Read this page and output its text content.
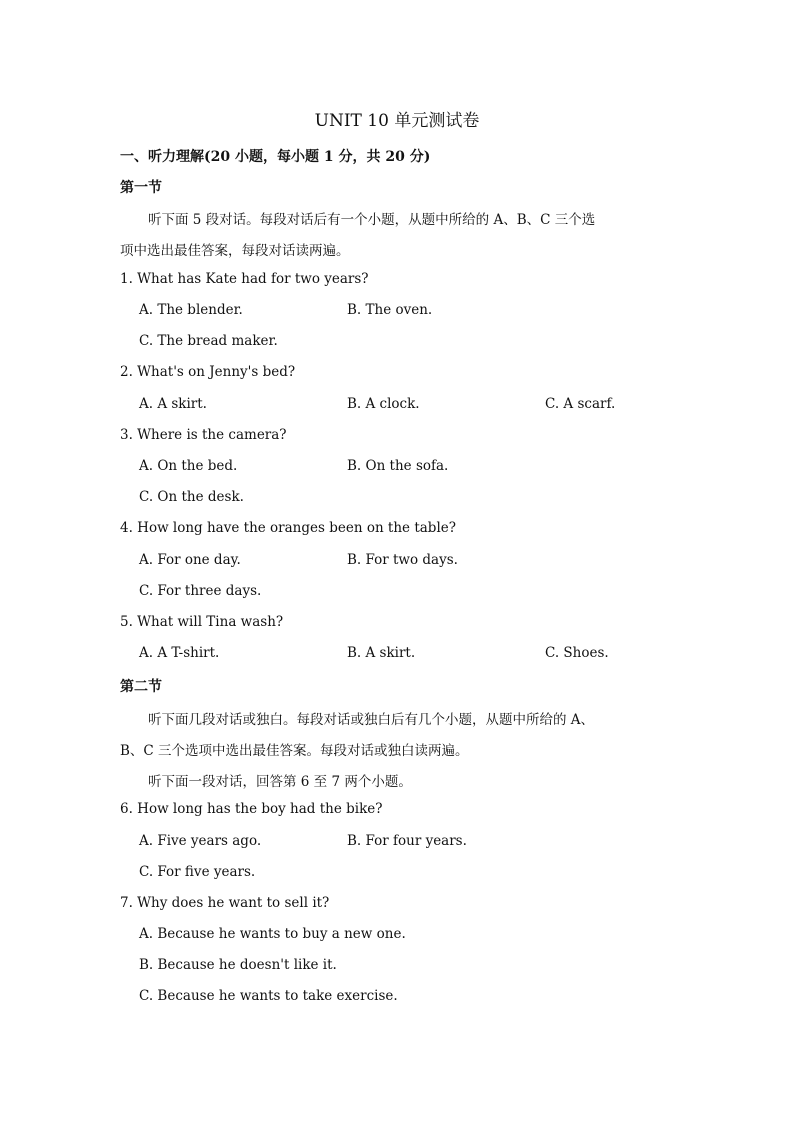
UNIT 10 单元测试卷
一、听力理解(20 小题，每小题 1 分，共 20 分)
第一节
听下面 5 段对话。每段对话后有一个小题，从题中所给的 A、B、C 三个选
项中选出最佳答案，每段对话读两遍。
1. What has Kate had for two years?
A. The blender.	B. The oven.
C. The bread maker.
2. What's on Jenny's bed?
A. A skirt.	B. A clock.	C. A scarf.
3. Where is the camera?
A. On the bed.	B. On the sofa.
C. On the desk.
4. How long have the oranges been on the table?
A. For one day.	B. For two days.
C. For three days.
5. What will Tina wash?
A. A T-shirt.	B. A skirt.	C. Shoes.
第二节
听下面几段对话或独白。每段对话或独白后有几个小题，从题中所给的 A、
B、C 三个选项中选出最佳答案。每段对话或独白读两遍。
听下面一段对话，回答第 6 至 7 两个小题。
6. How long has the boy had the bike?
A. Five years ago.	B. For four years.
C. For five years.
7. Why does he want to sell it?
A. Because he wants to buy a new one.
B. Because he doesn't like it.
C. Because he wants to take exercise.
